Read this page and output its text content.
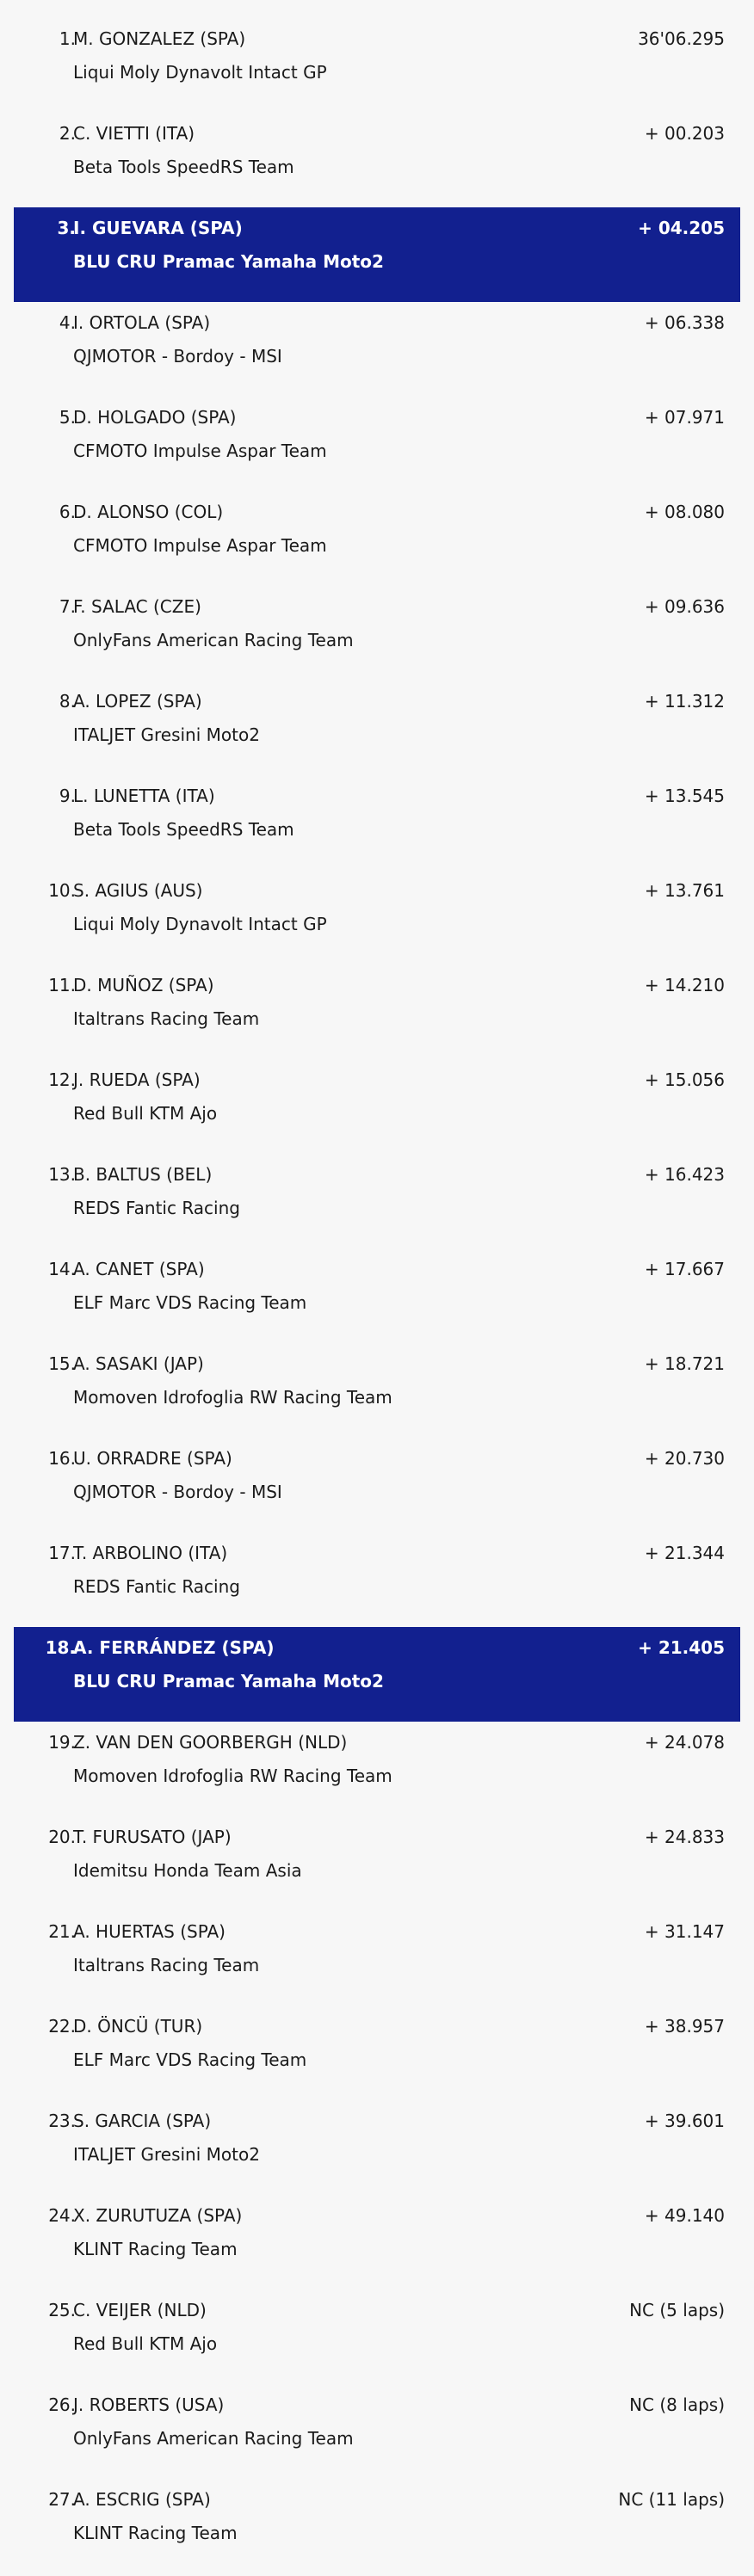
1.
M. GONZALEZ (SPA)
Liqui Moly Dynavolt Intact GP
36'06.295
2.
C. VIETTI (ITA)
Beta Tools SpeedRS Team
+ 00.203
3.
I. GUEVARA (SPA)
BLU CRU Pramac Yamaha Moto2
+ 04.205
4.
I. ORTOLA (SPA)
QJMOTOR - Bordoy - MSI
+ 06.338
5.
D. HOLGADO (SPA)
CFMOTO Impulse Aspar Team
+ 07.971
6.
D. ALONSO (COL)
CFMOTO Impulse Aspar Team
+ 08.080
7.
F. SALAC (CZE)
OnlyFans American Racing Team
+ 09.636
8.
A. LOPEZ (SPA)
ITALJET Gresini Moto2
+ 11.312
9.
L. LUNETTA (ITA)
Beta Tools SpeedRS Team
+ 13.545
10.
S. AGIUS (AUS)
Liqui Moly Dynavolt Intact GP
+ 13.761
11.
D. MUÑOZ (SPA)
Italtrans Racing Team
+ 14.210
12.
J. RUEDA (SPA)
Red Bull KTM Ajo
+ 15.056
13.
B. BALTUS (BEL)
REDS Fantic Racing
+ 16.423
14.
A. CANET (SPA)
ELF Marc VDS Racing Team
+ 17.667
15.
A. SASAKI (JAP)
Momoven Idrofoglia RW Racing Team
+ 18.721
16.
U. ORRADRE (SPA)
QJMOTOR - Bordoy - MSI
+ 20.730
17.
T. ARBOLINO (ITA)
REDS Fantic Racing
+ 21.344
18.
A. FERRÁNDEZ (SPA)
BLU CRU Pramac Yamaha Moto2
+ 21.405
19.
Z. VAN DEN GOORBERGH (NLD)
Momoven Idrofoglia RW Racing Team
+ 24.078
20.
T. FURUSATO (JAP)
Idemitsu Honda Team Asia
+ 24.833
21.
A. HUERTAS (SPA)
Italtrans Racing Team
+ 31.147
22.
D. ÖNCÜ (TUR)
ELF Marc VDS Racing Team
+ 38.957
23.
S. GARCIA (SPA)
ITALJET Gresini Moto2
+ 39.601
24.
X. ZURUTUZA (SPA)
KLINT Racing Team
+ 49.140
25.
C. VEIJER (NLD)
Red Bull KTM Ajo
NC (5 laps)
26.
J. ROBERTS (USA)
OnlyFans American Racing Team
NC (8 laps)
27.
A. ESCRIG (SPA)
KLINT Racing Team
NC (11 laps)
